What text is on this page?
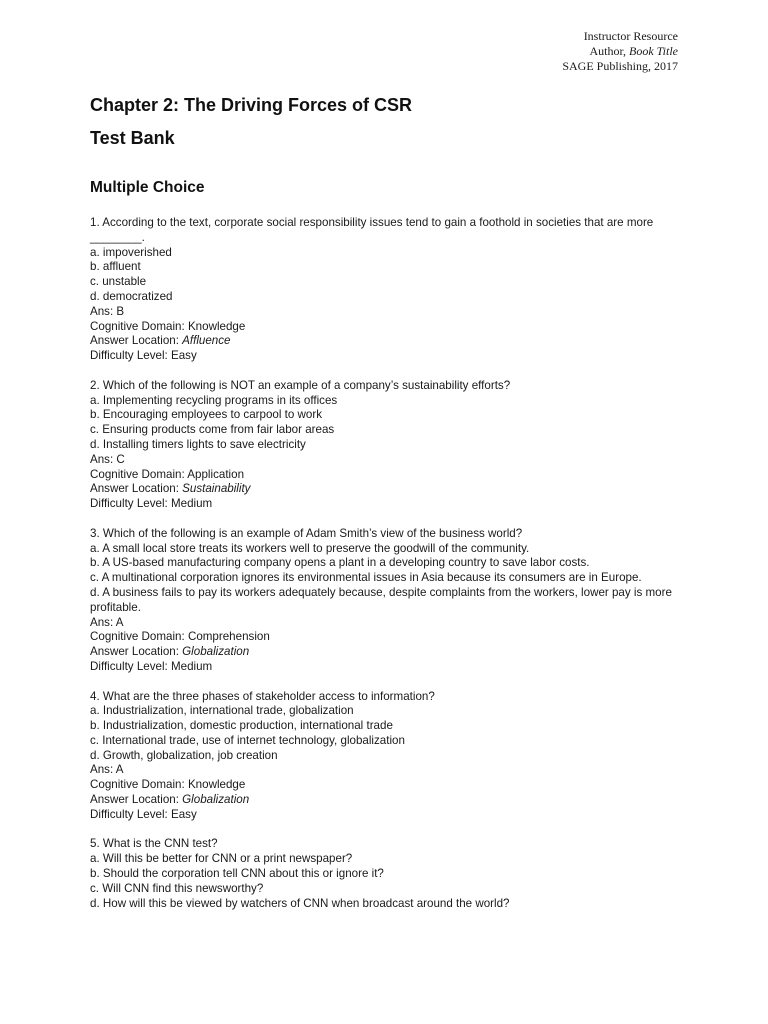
Instructor Resource
Author, Book Title
SAGE Publishing, 2017
Chapter 2: The Driving Forces of CSR
Test Bank
Multiple Choice
1. According to the text, corporate social responsibility issues tend to gain a foothold in societies that are more ________.
a. impoverished
b. affluent
c. unstable
d. democratized
Ans: B
Cognitive Domain: Knowledge
Answer Location: Affluence
Difficulty Level: Easy
2. Which of the following is NOT an example of a company’s sustainability efforts?
a. Implementing recycling programs in its offices
b. Encouraging employees to carpool to work
c. Ensuring products come from fair labor areas
d. Installing timers lights to save electricity
Ans: C
Cognitive Domain: Application
Answer Location: Sustainability
Difficulty Level: Medium
3. Which of the following is an example of Adam Smith’s view of the business world?
a. A small local store treats its workers well to preserve the goodwill of the community.
b. A US-based manufacturing company opens a plant in a developing country to save labor costs.
c. A multinational corporation ignores its environmental issues in Asia because its consumers are in Europe.
d. A business fails to pay its workers adequately because, despite complaints from the workers, lower pay is more profitable.
Ans: A
Cognitive Domain: Comprehension
Answer Location: Globalization
Difficulty Level: Medium
4. What are the three phases of stakeholder access to information?
a. Industrialization, international trade, globalization
b. Industrialization, domestic production, international trade
c. International trade, use of internet technology, globalization
d. Growth, globalization, job creation
Ans: A
Cognitive Domain: Knowledge
Answer Location: Globalization
Difficulty Level: Easy
5. What is the CNN test?
a. Will this be better for CNN or a print newspaper?
b. Should the corporation tell CNN about this or ignore it?
c. Will CNN find this newsworthy?
d. How will this be viewed by watchers of CNN when broadcast around the world?
